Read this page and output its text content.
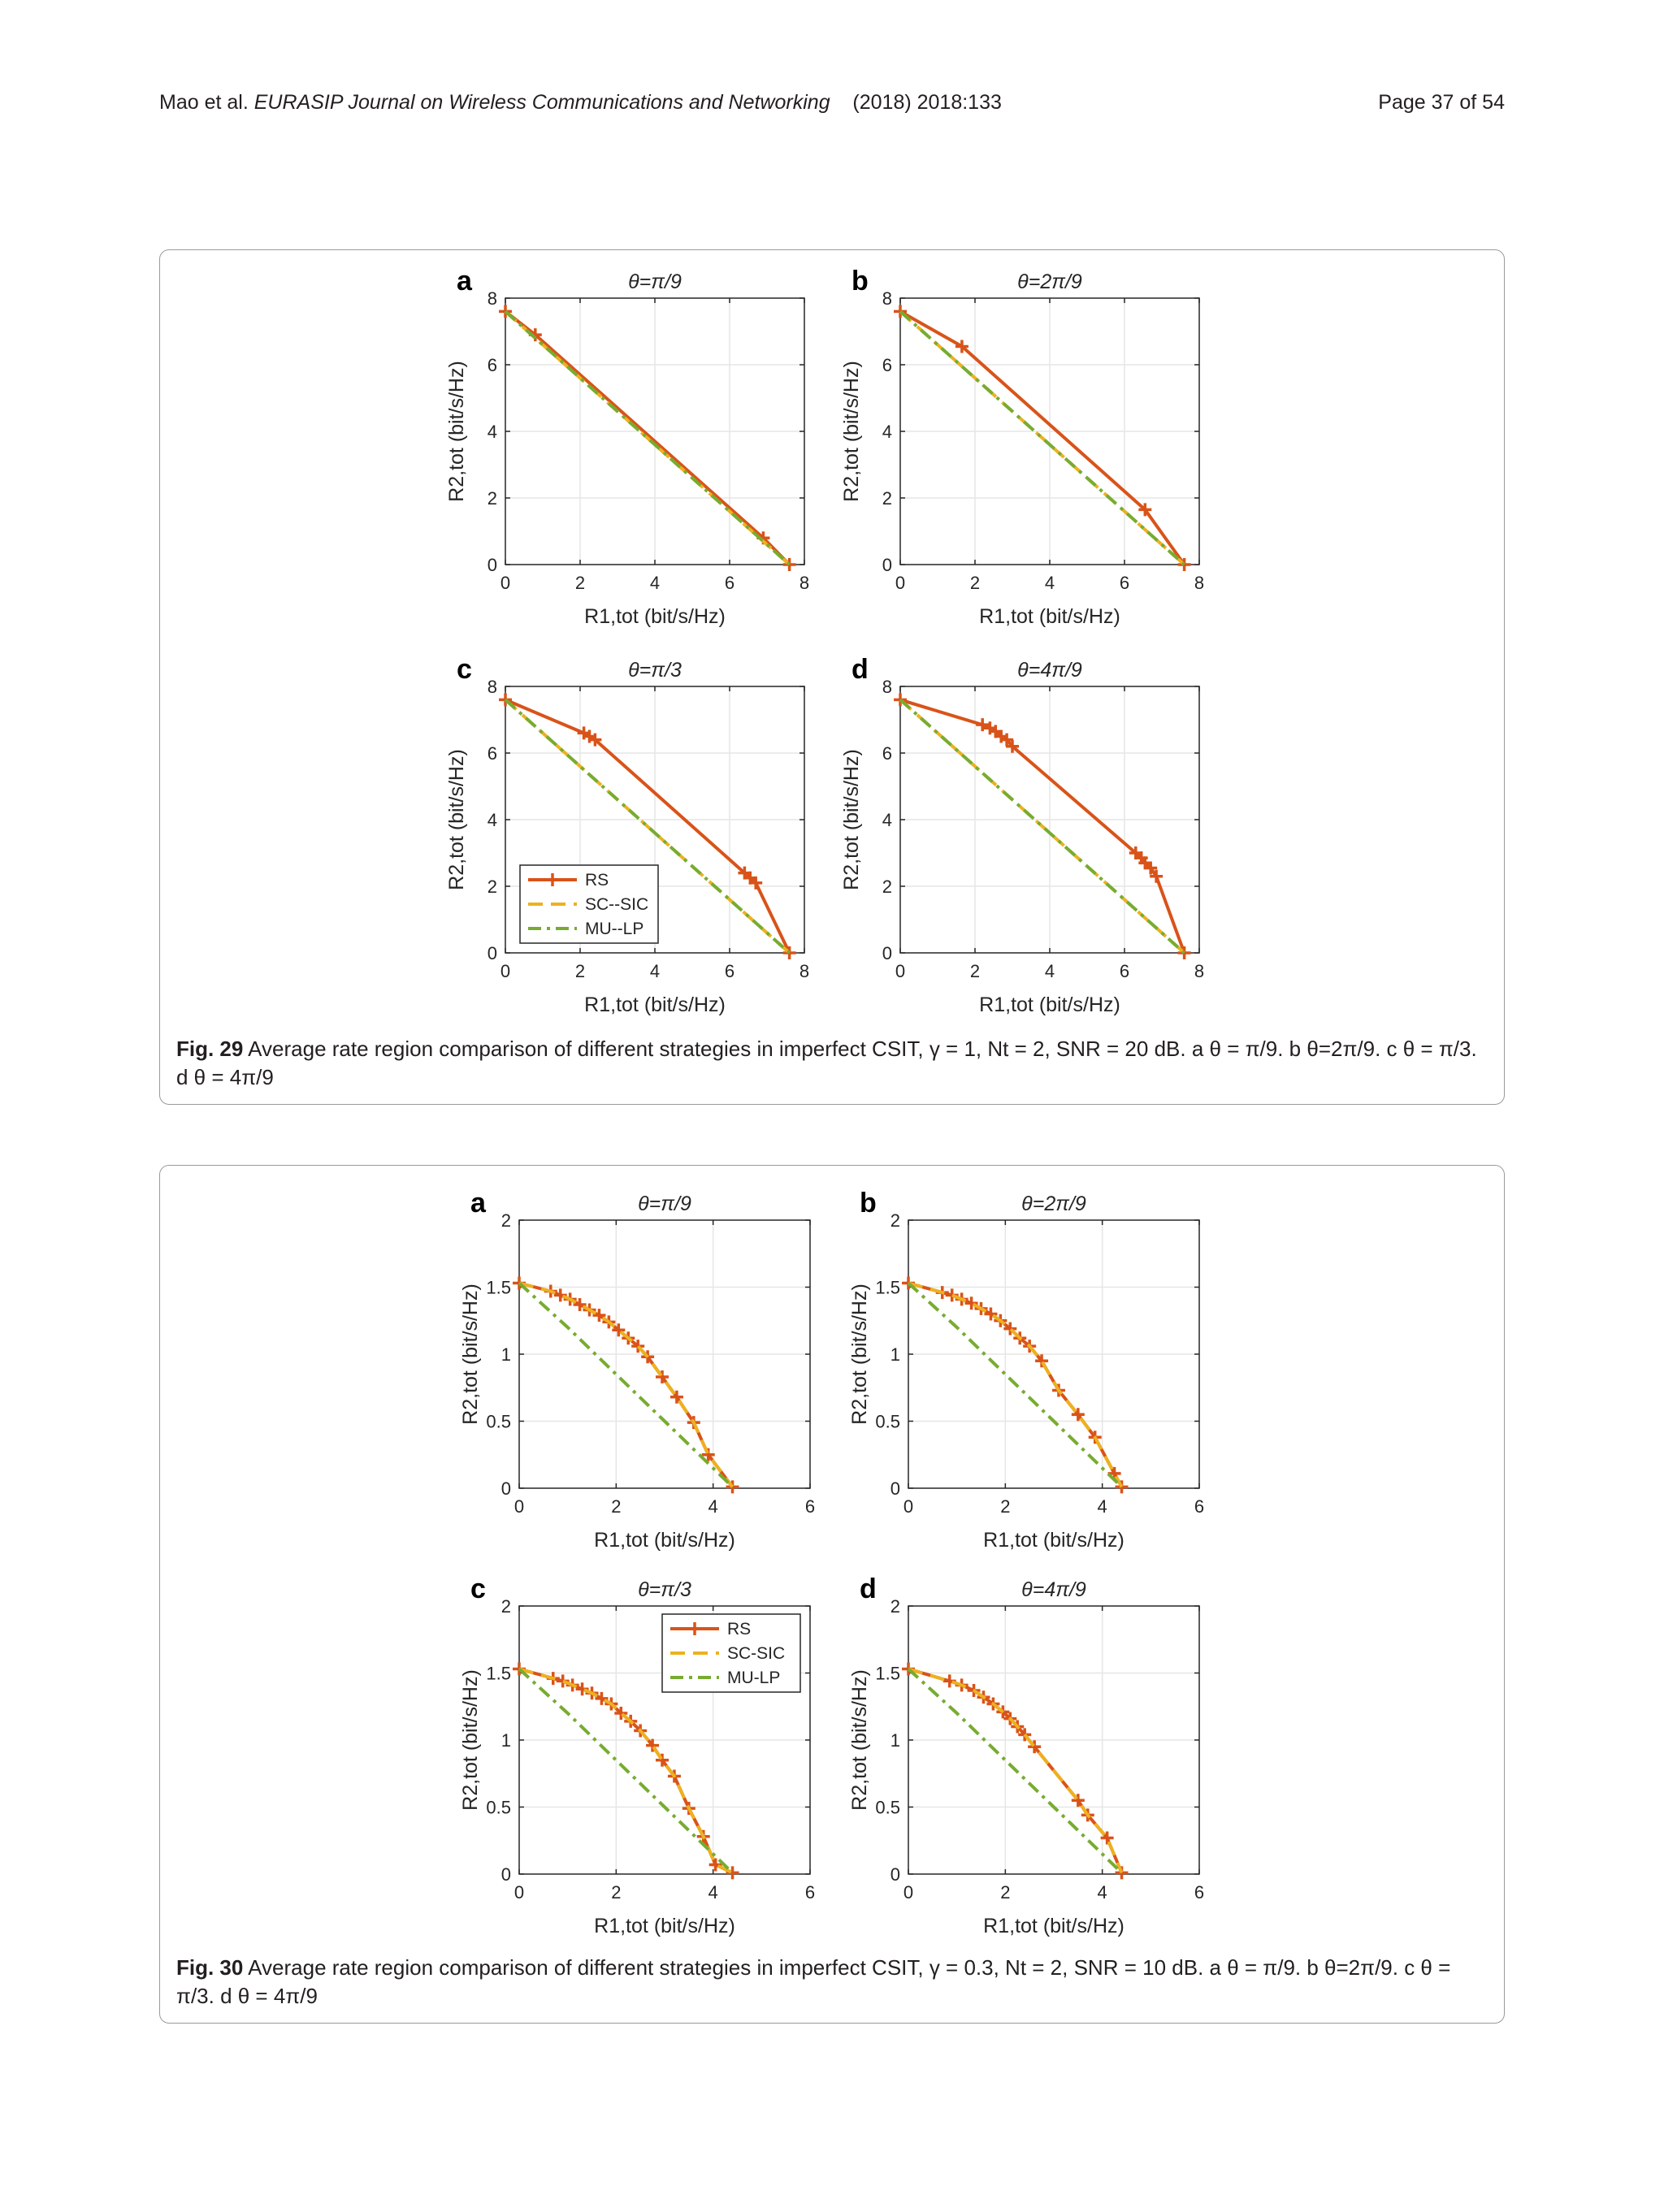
Mao et al. EURASIP Journal on Wireless Communications and Networking (2018) 2018:133	Page 37 of 54
0	2	4	6	8
0
2
4
6
8
θ=π/9
a
R1,tot (bit/s/Hz)
R2,tot (bit/s/Hz)
0	2	4	6	8
0
2
4
6
8
θ=2π/9
b
R1,tot (bit/s/Hz)
R2,tot (bit/s/Hz)
0	2	4	6	8
0
2
4
6
8
θ=π/3
c
R1,tot (bit/s/Hz)
R2,tot (bit/s/Hz)	RS
SC--SIC
MU--LP
0	2	4	6	8
0
2
4
6
8
θ=4π/9
d
R1,tot (bit/s/Hz)
R2,tot (bit/s/Hz)
Fig. 29 Average rate region comparison of different strategies in imperfect CSIT, γ = 1, Nt = 2, SNR = 20 dB. a θ = π/9. b θ=2π/9. c θ = π/3. d θ = 4π/9
0	2	4	6
0
0.5
1
1.5
2
θ=π/9
a
R1,tot (bit/s/Hz)
R2,tot (bit/s/Hz)
0	2	4	6
0
0.5
1
1.5
2
θ=2π/9
b
R1,tot (bit/s/Hz)
R2,tot (bit/s/Hz)
0	2	4	6
0
0.5
1
1.5
2
θ=π/3
c
R1,tot (bit/s/Hz)
R2,tot (bit/s/Hz)
RS
SC-SIC
MU-LP
0	2	4	6
0
0.5
1
1.5
2
θ=4π/9
d
R1,tot (bit/s/Hz)
R2,tot (bit/s/Hz)
Fig. 30 Average rate region comparison of different strategies in imperfect CSIT, γ = 0.3, Nt = 2, SNR = 10 dB. a θ = π/9. b θ=2π/9. c θ = π/3. d θ = 4π/9
